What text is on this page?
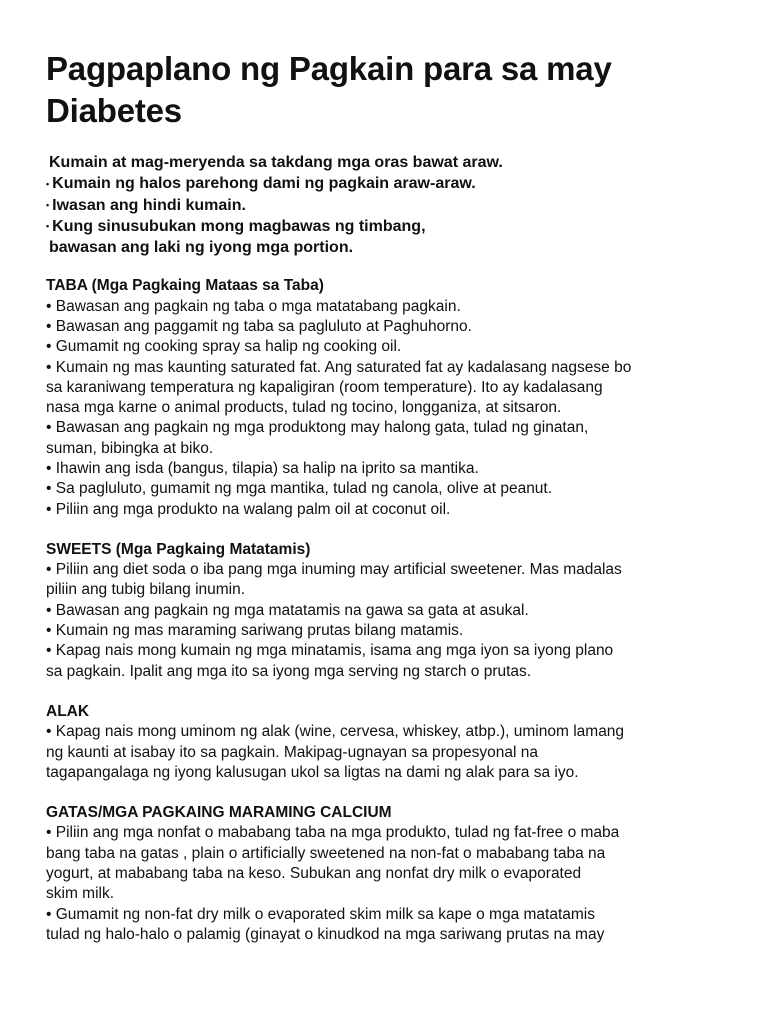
Pagpaplano ng Pagkain para sa may
Diabetes
Kumain at mag-meryenda sa takdang mga oras bawat araw.
• Kumain ng halos parehong dami ng pagkain araw-araw.
• Iwasan ang hindi kumain.
• Kung sinusubukan mong magbawas ng timbang,
bawasan ang laki ng iyong mga portion.
TABA (Mga Pagkaing Mataas sa Taba)
• Bawasan ang pagkain ng taba o mga matatabang pagkain.
• Bawasan ang paggamit ng taba sa pagluluto at Paghuhorno.
• Gumamit ng cooking spray sa halip ng cooking oil.
• Kumain ng mas kaunting saturated fat. Ang saturated fat ay kadalasang nagsese bo
sa karaniwang temperatura ng kapaligiran (room temperature). Ito ay kadalasang
nasa mga karne o animal products, tulad ng tocino, longganiza, at sitsaron.
• Bawasan ang pagkain ng mga produktong may halong gata, tulad ng ginatan,
suman, bibingka at biko.
• Ihawin ang isda (bangus, tilapia) sa halip na iprito sa mantika.
• Sa pagluluto, gumamit ng mga mantika, tulad ng canola, olive at peanut.
• Piliin ang mga produkto na walang palm oil at coconut oil.
SWEETS (Mga Pagkaing Matatamis)
• Piliin ang diet soda o iba pang mga inuming may artificial sweetener. Mas madalas
piliin ang tubig bilang inumin.
• Bawasan ang pagkain ng mga matatamis na gawa sa gata at asukal.
• Kumain ng mas maraming sariwang prutas bilang matamis.
• Kapag nais mong kumain ng mga minatamis, isama ang mga iyon sa iyong plano
sa pagkain. Ipalit ang mga ito sa iyong mga serving ng starch o prutas.
ALAK
• Kapag nais mong uminom ng alak (wine, cervesa, whiskey, atbp.), uminom lamang
ng kaunti at isabay ito sa pagkain. Makipag-ugnayan sa propesyonal na
tagapangalaga ng iyong kalusugan ukol sa ligtas na dami ng alak para sa iyo.
GATAS/MGA PAGKAING MARAMING CALCIUM
• Piliin ang mga nonfat o mababang taba na mga produkto, tulad ng fat-free o maba
bang taba na gatas , plain o artificially sweetened na non-fat o mababang taba na
yogurt, at mababang taba na keso. Subukan ang nonfat dry milk o evaporated
skim milk.
• Gumamit ng non-fat dry milk o evaporated skim milk sa kape o mga matatamis
tulad ng halo-halo o palamig (ginayat o kinudkod na mga sariwang prutas na may
